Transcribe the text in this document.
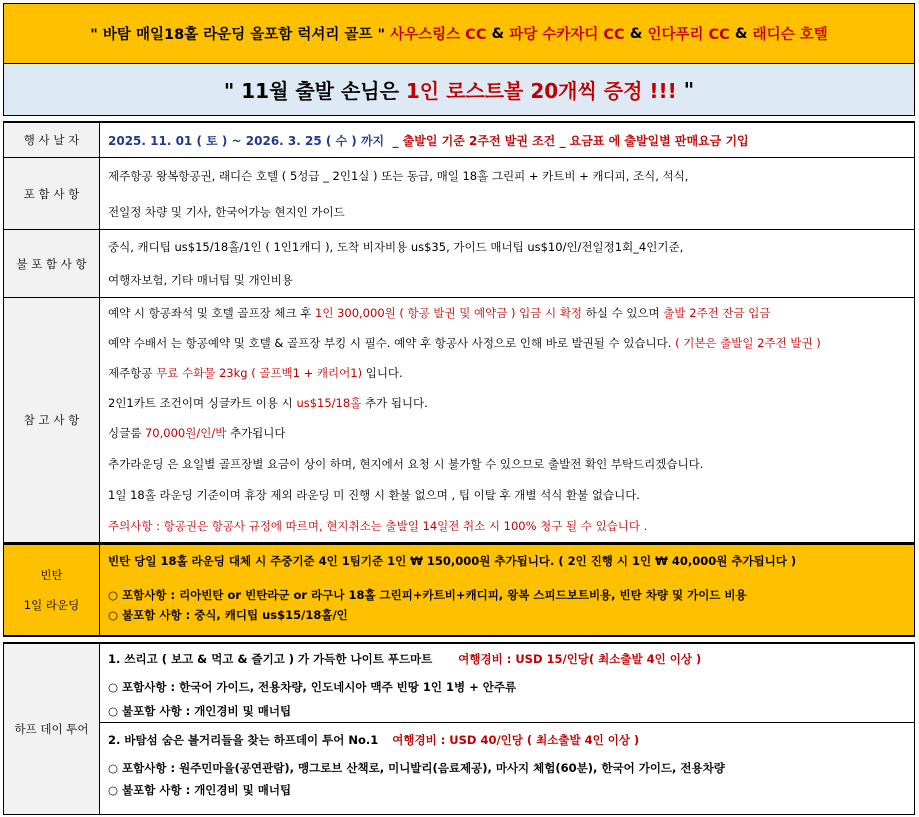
" 바탐 매일18홀 라운딩 올포함 럭셔리 골프 "
사우스링스 CC
&
파당 수카자디 CC
&
인다푸리 CC
&
래디슨 호텔
" 11월 출발 손님은
1인 로스트볼 20개씩 증정 !!!
"
행 사 날 자	2025. 11. 01 ( 토 ) ~ 2026. 3. 25 ( 수 ) 까지
_ 출발일 기준 2주전 발권 조건 _ 요금표 에 출발일별 판매요금 기입
포 함 사 항
제주항공 왕복항공권, 래디슨 호텔 ( 5성급 _ 2인1실 ) 또는 동급, 매일 18홀 그린피 + 카트비 + 캐디피, 조식, 석식,
전일정 차량 및 기사, 한국어가능 현지인 가이드
불 포 함 사 항
중식, 캐디팁 us$15/18홀/1인 ( 1인1캐디 ), 도착 비자비용 us$35, 가이드 매너팁 us$10/인/전일정1회_4인기준,
여행자보험, 기타 매너팁 및 개인비용
참 고 사 항
예약 시 항공좌석 및 호텔 골프장 체크 후
1인 300,000원 ( 항공 발권 및 예약금 ) 입금 시 확정
하실 수 있으며
출발 2주전 잔금 입금
예약 수배서 는 항공예약 및 호텔 & 골프장 부킹 시 필수. 예약 후 항공사 사정으로 인해 바로 발권될 수 있습니다.
( 기본은 출발일 2주전 발권 )
제주항공
무료 수화물 23kg ( 골프백1 + 캐리어1)
입니다.
2인1카트 조건이며 싱글카트 이용 시
us$15/18홀
추가 됩니다.
싱글룸
70,000원/인/박
추가됩니다
추가라운딩 은 요일별 골프장별 요금이 상이 하며, 현지에서 요청 시 불가할 수 있으므로 출발전 확인 부탁드리겠습니다.
1일 18홀 라운딩 기준이며 휴장 제외 라운딩 미 진행 시 환불 없으며 , 팁 이탈 후 개별 석식 환불 없습니다.
주의사항 : 항공권은 항공사 규정에 따르며, 현지취소는 출발일 14일전 취소 시 100% 청구 될 수 있습니다 .
빈탄
1일 라운딩
빈탄 당일 18홀 라운딩 대체 시 주중기준 4인 1팀기준 1인 ₩ 150,000원 추가됩니다. ( 2인 진행 시 1인 ₩ 40,000원 추가됩니다 )
○ 포함사항 : 리아빈탄 or 빈탄라군 or 라구나 18홀 그린피+카트비+캐디피, 왕복 스피드보트비용, 빈탄 차량 및 가이드 비용
○ 불포함 사항 : 중식, 캐디팁 us$15/18홀/인
하프 데이 투어
1. 쓰리고 ( 보고 & 먹고 & 즐기고 ) 가 가득한 나이트 푸드마트 여행경비 : USD 15/인당( 최소출발 4인 이상 )
○ 포함사항 : 한국어 가이드, 전용차량, 인도네시아 맥주 빈땅 1인 1병 + 안주류
○ 불포함 사항 : 개인경비 및 매너팁
2. 바탐섬 숨은 볼거리들을 찾는 하프데이 투어 No.1 여행경비 : USD 40/인당 ( 최소출발 4인 이상 )
○ 포함사항 : 원주민마을(공연관람), 맹그로브 산책로, 미니발리(음료제공), 마사지 체험(60분), 한국어 가이드, 전용차량
○ 불포함 사항 : 개인경비 및 매너팁
